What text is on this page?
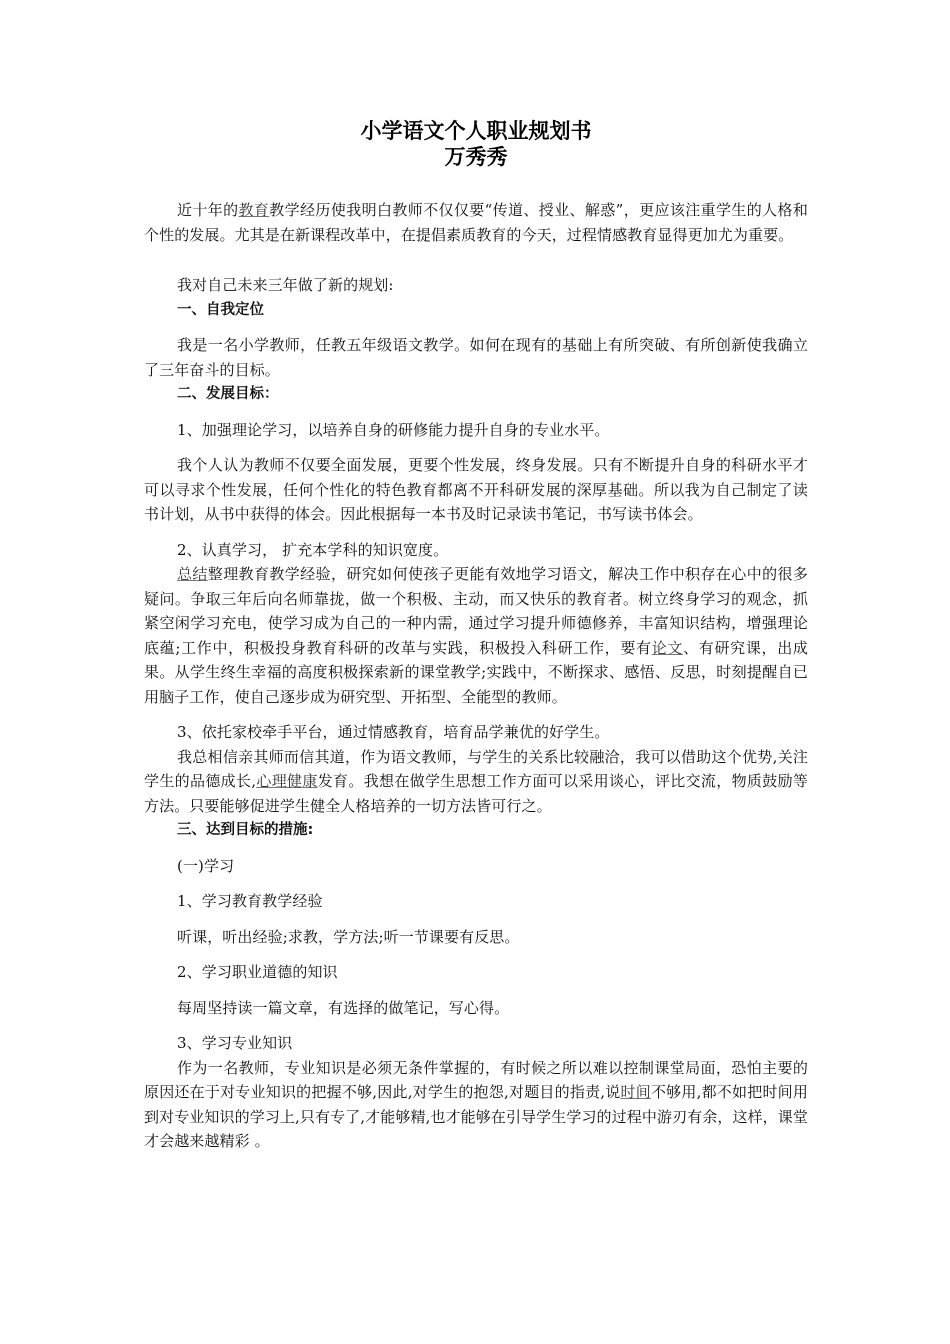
小学语文个人职业规划书
万秀秀

近十年的教育教学经历使我明白教师不仅仅要“传道、授业、解惑”，更应该注重学生的人格和个性的发展。尤其是在新课程改革中，在提倡素质教育的今天，过程情感教育显得更加尤为重要。

我对自己未来三年做了新的规划:

一、自我定位

我是一名小学教师，任教五年级语文教学。如何在现有的基础上有所突破、有所创新使我确立了三年奋斗的目标。

二、发展目标：

1、加强理论学习，以培养自身的研修能力提升自身的专业水平。

我个人认为教师不仅要全面发展，更要个性发展，终身发展。只有不断提升自身的科研水平才可以寻求个性发展，任何个性化的特色教育都离不开科研发展的深厚基础。所以我为自己制定了读书计划，从书中获得的体会。因此根据每一本书及时记录读书笔记，书写读书体会。

2、认真学习， 扩充本学科的知识宽度。

总结整理教育教学经验，研究如何使孩子更能有效地学习语文，解决工作中积存在心中的很多疑问。争取三年后向名师靠拢，做一个积极、主动，而又快乐的教育者。树立终身学习的观念，抓紧空闲学习充电，使学习成为自己的一种内需，通过学习提升师德修养，丰富知识结构，增强理论底蕴;工作中，积极投身教育科研的改革与实践，积极投入科研工作，要有论文、有研究课，出成果。从学生终生幸福的高度积极探索新的课堂教学;实践中，不断探求、感悟、反思，时刻提醒自已用脑子工作，使自己逐步成为研究型、开拓型、全能型的教师。

3、依托家校牵手平台，通过情感教育，培育品学兼优的好学生。

我总相信亲其师而信其道，作为语文教师，与学生的关系比较融洽，我可以借助这个优势,关注学生的品德成长,心理健康发育。我想在做学生思想工作方面可以采用谈心，评比交流，物质鼓励等方法。只要能够促进学生健全人格培养的一切方法皆可行之。

三、达到目标的措施:

(一)学习

1、学习教育教学经验

听课，听出经验;求教，学方法;听一节课要有反思。

2、学习职业道德的知识

每周坚持读一篇文章，有选择的做笔记，写心得。

3、学习专业知识

作为一名教师，专业知识是必须无条件掌握的，有时候之所以难以控制课堂局面，恐怕主要的原因还在于对专业知识的把握不够,因此,对学生的抱怨,对题目的指责,说时间不够用,都不如把时间用到对专业知识的学习上,只有专了,才能够精,也才能够在引导学生学习的过程中游刃有余，这样，课堂才会越来越精彩 。
